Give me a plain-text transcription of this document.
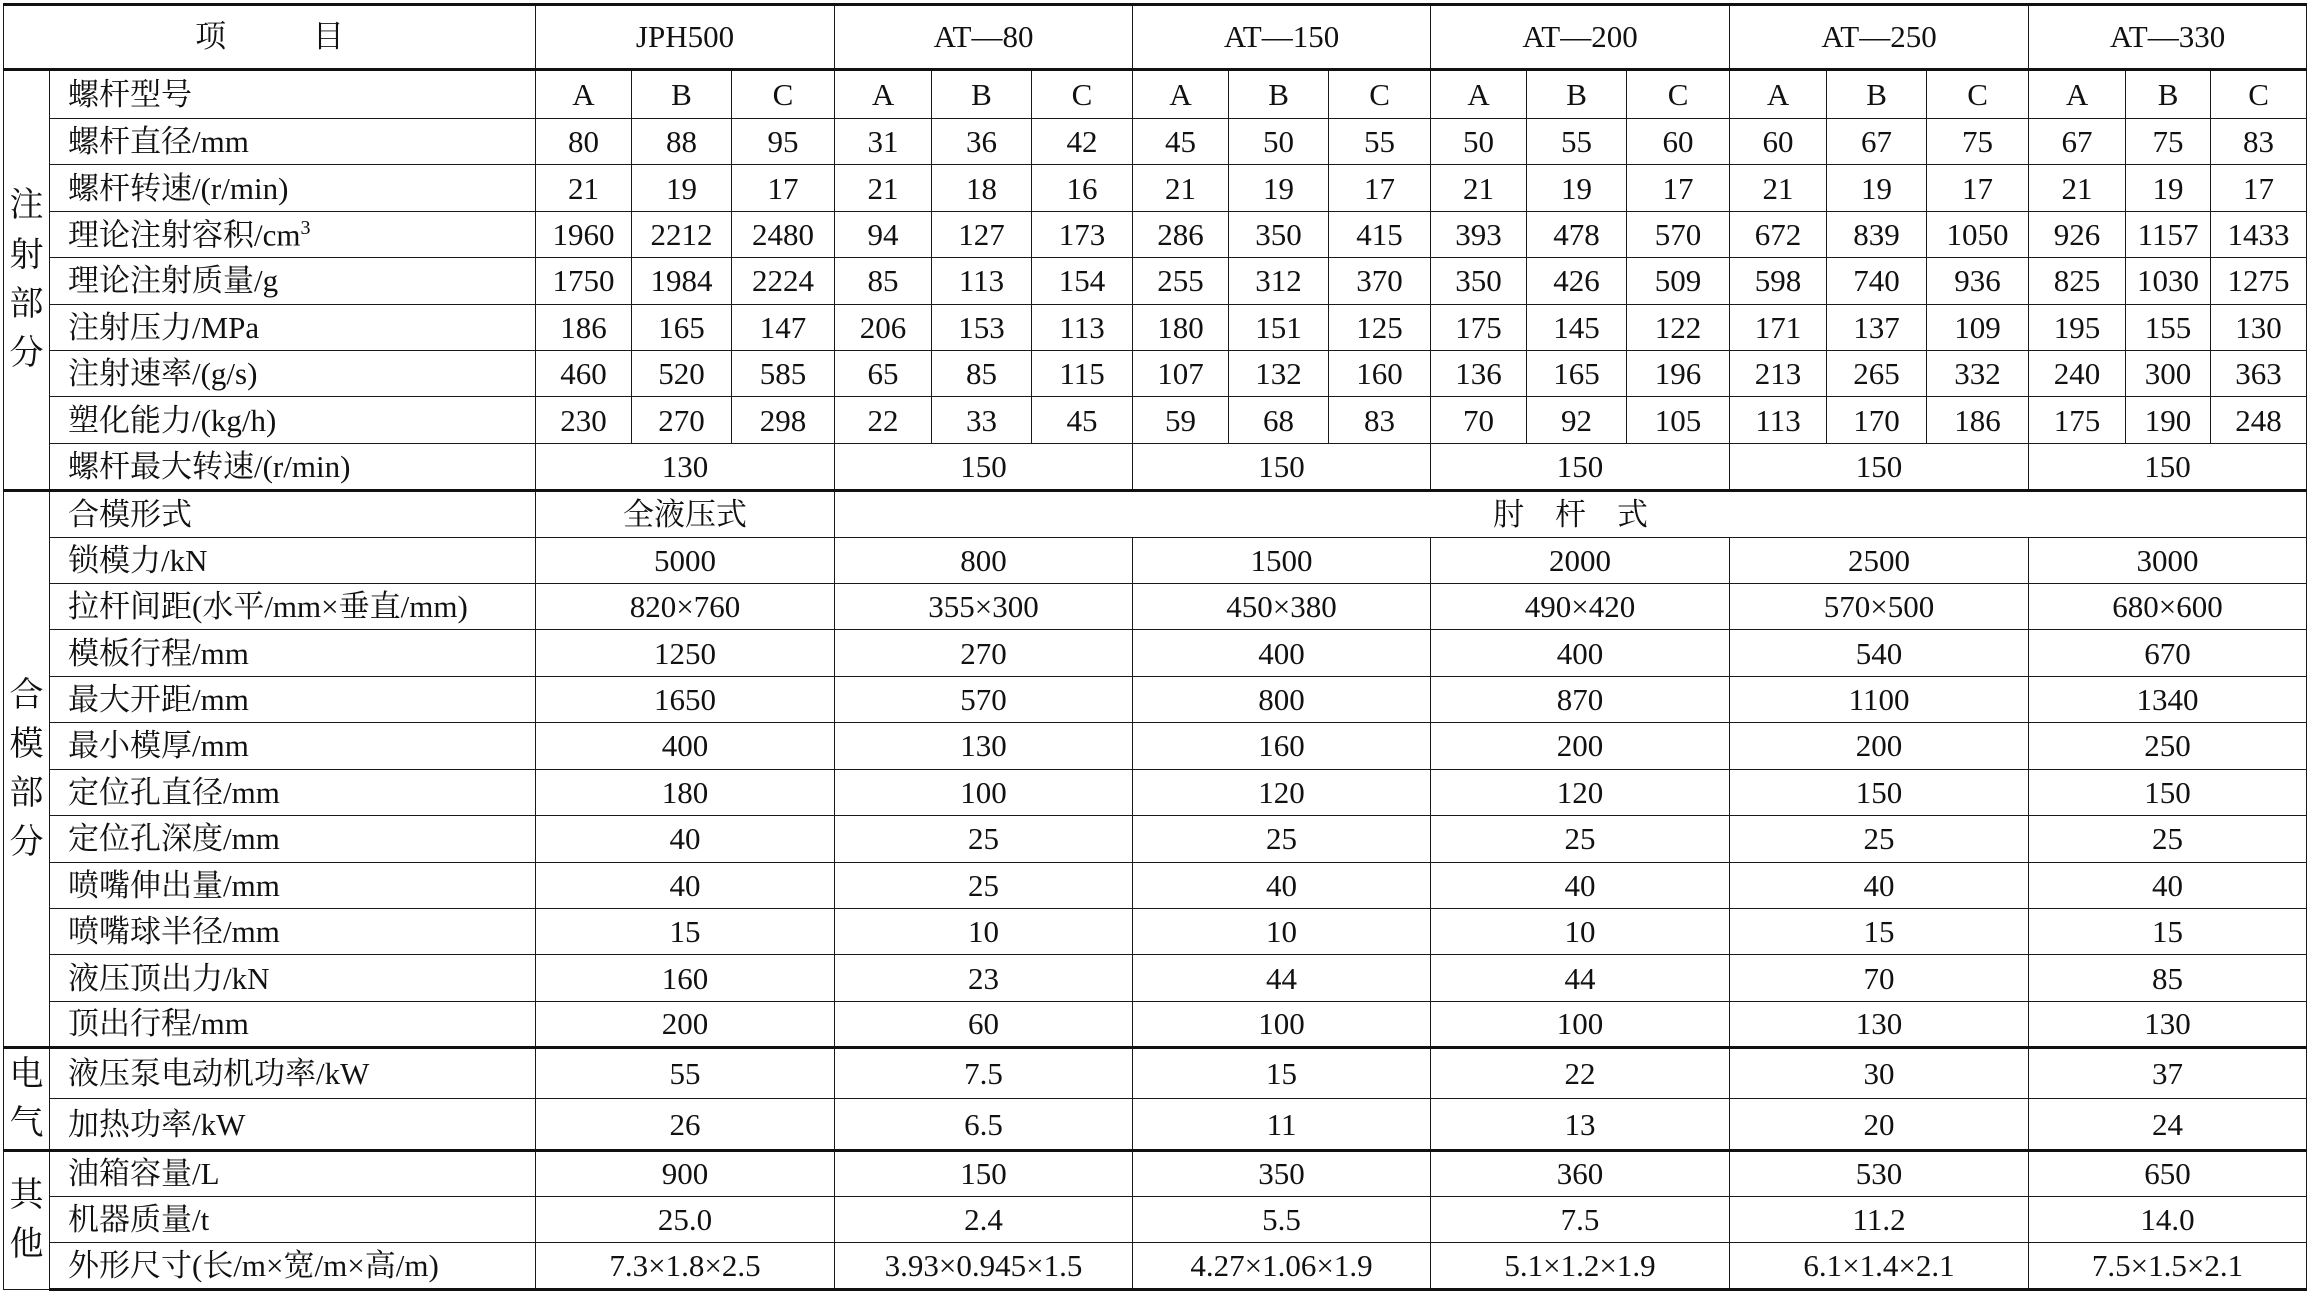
项　目		JPH500			AT—80			AT—150			AT—200			AT—250			AT—330		

注
射
部
分	螺杆型号	A	B	C	A	B	C	A	B	C	A	B	C	A	B	C	A	B	C
	螺杆直径/mm	80	88	95	31	36	42	45	50	55	50	55	60	60	67	75	67	75	83
	螺杆转速/(r/min)	21	19	17	21	18	16	21	19	17	21	19	17	21	19	17	21	19	17
	理论注射容积$/cm^3$	1960	2212	2480	94	127	173	286	350	415	393	478	570	672	839	1050	926	1157	1433
	理论注射质量/g	1750	1984	2224	85	113	154	255	312	370	350	426	509	598	740	936	825	1030	1275
	注射压力/MPa	186	165	147	206	153	113	180	151	125	175	145	122	171	137	109	195	155	130
	注射速率/(g/s)	460	520	585	65	85	115	107	132	160	136	165	196	213	265	332	240	300	363
	塑化能力/(kg/h)	230	270	298	22	33	45	59	68	83	70	92	105	113	170	186	175	190	248
	螺杆最大转速/(r/min)	130			150			150			150			150			150		

合
模
部
分	合模形式	全液压式			肘　杆　式														
	锁模力/kN	5000			800			1500			2000			2500			3000		
	拉杆间距(水平/mm×垂直/mm)	820×760			355×300			450×380			490×420			570×500			680×600		
	模板行程/mm	1250			270			400			400			540			670		
	最大开距/mm	1650			570			800			870			1100			1340		
	最小模厚/mm	400			130			160			200			200			250		
	定位孔直径/mm	180			100			120			120			150			150		
	定位孔深度/mm	40			25			25			25			25			25		
	喷嘴伸出量/mm	40			25			40			40			40			40		
	喷嘴球半径/mm	15			10			10			10			15			15		
	液压顶出力/kN	160			23			44			44			70			85		
	顶出行程/mm	200			60			100			100			130			130		

电
气	液压泵电动机功率/kW	55			7.5			15			22			30			37		
	加热功率/kW	26			6.5			11			13			20			24		

其
他	油箱容量/L	900			150			350			360			530			650		
	机器质量/t	25.0			2.4			5.5			7.5			11.2			14.0		
	外形尺寸(长/m×宽/m×高/m)	7.3×1.8×2.5			3.93×0.945×1.5			4.27×1.06×1.9			5.1×1.2×1.9			6.1×1.4×2.1			7.5×1.5×2.1		
